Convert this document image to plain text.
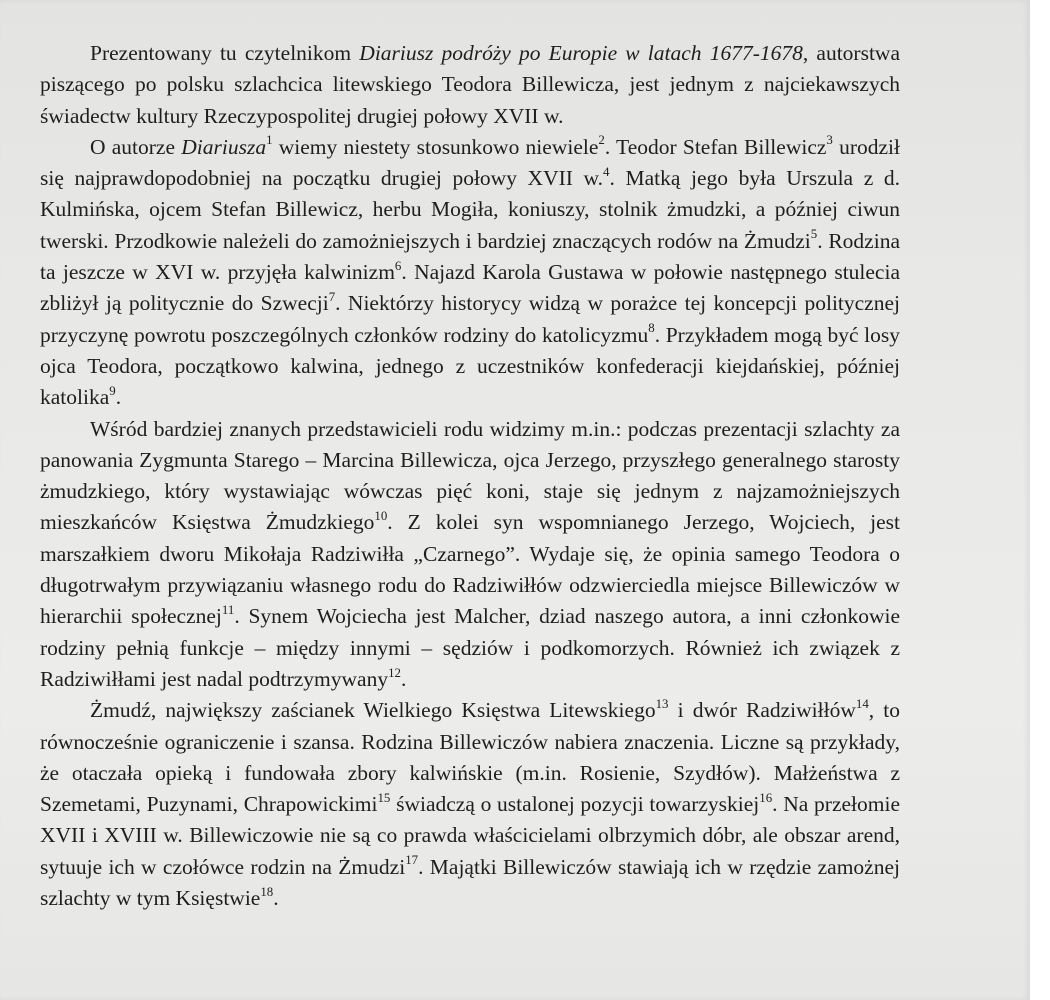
Prezentowany tu czytelnikom Diariusz podróży po Europie w latach 1677-1678, autorstwa piszącego po polsku szlachcica litewskiego Teodora Billewicza, jest jednym z najciekawszych świadectw kultury Rzeczypospolitej drugiej połowy XVII w.

O autorze Diariusza$^1$ wiemy niestety stosunkowo niewiele$^2$. Teodor Stefan Billewicz$^3$ urodził się najprawdopodobniej na początku drugiej połowy XVII w.$^4$. Matką jego była Urszula z d. Kulmińska, ojcem Stefan Billewicz, herbu Mogiła, koniuszy, stolnik żmudzki, a później ciwun twerski. Przodkowie należeli do zamożniejszych i bardziej znaczących rodów na Żmudzi$^5$. Rodzina ta jeszcze w XVI w. przyjęła kalwinizm$^6$. Najazd Karola Gustawa w połowie następnego stulecia zbliżył ją politycznie do Szwecji$^7$. Niektórzy historycy widzą w porażce tej koncepcji politycznej przyczynę powrotu poszczególnych członków rodziny do katolicyzmu$^8$. Przykładem mogą być losy ojca Teodora, początkowo kalwina, jednego z uczestników konfederacji kiejdańskiej, później katolika$^9$.

Wśród bardziej znanych przedstawicieli rodu widzimy m.in.: podczas prezentacji szlachty za panowania Zygmunta Starego – Marcina Billewicza, ojca Jerzego, przyszłego generalnego starosty żmudzkiego, który wystawiając wówczas pięć koni, staje się jednym z najzamożniejszych mieszkańców Księstwa Żmudzkiego$^{10}$. Z kolei syn wspomnianego Jerzego, Wojciech, jest marszałkiem dworu Mikołaja Radziwiłła „Czarnego”. Wydaje się, że opinia samego Teodora o długotrwałym przywiązaniu własnego rodu do Radziwiłłów odzwierciedla miejsce Billewiczów w hierarchii społecznej$^{11}$. Synem Wojciecha jest Malcher, dziad naszego autora, a inni członkowie rodziny pełnią funkcje – między innymi – sędziów i podkomorzych. Również ich związek z Radziwiłłami jest nadal podtrzymywany$^{12}$.

Żmudź, największy zaścianek Wielkiego Księstwa Litewskiego$^{13}$ i dwór Radziwiłłów$^{14}$, to równocześnie ograniczenie i szansa. Rodzina Billewiczów nabiera znaczenia. Liczne są przykłady, że otaczała opieką i fundowała zbory kalwińskie (m.in. Rosienie, Szydłów). Małżeństwa z Szemetami, Puzynami, Chrapowickimi$^{15}$ świadczą o ustalonej pozycji towarzyskiej$^{16}$. Na przełomie XVII i XVIII w. Billewiczowie nie są co prawda właścicielami olbrzymich dóbr, ale obszar arend, sytuuje ich w czołówce rodzin na Żmudzi$^{17}$. Majątki Billewiczów stawiają ich w rzędzie zamożnej szlachty w tym Księstwie$^{18}$.
